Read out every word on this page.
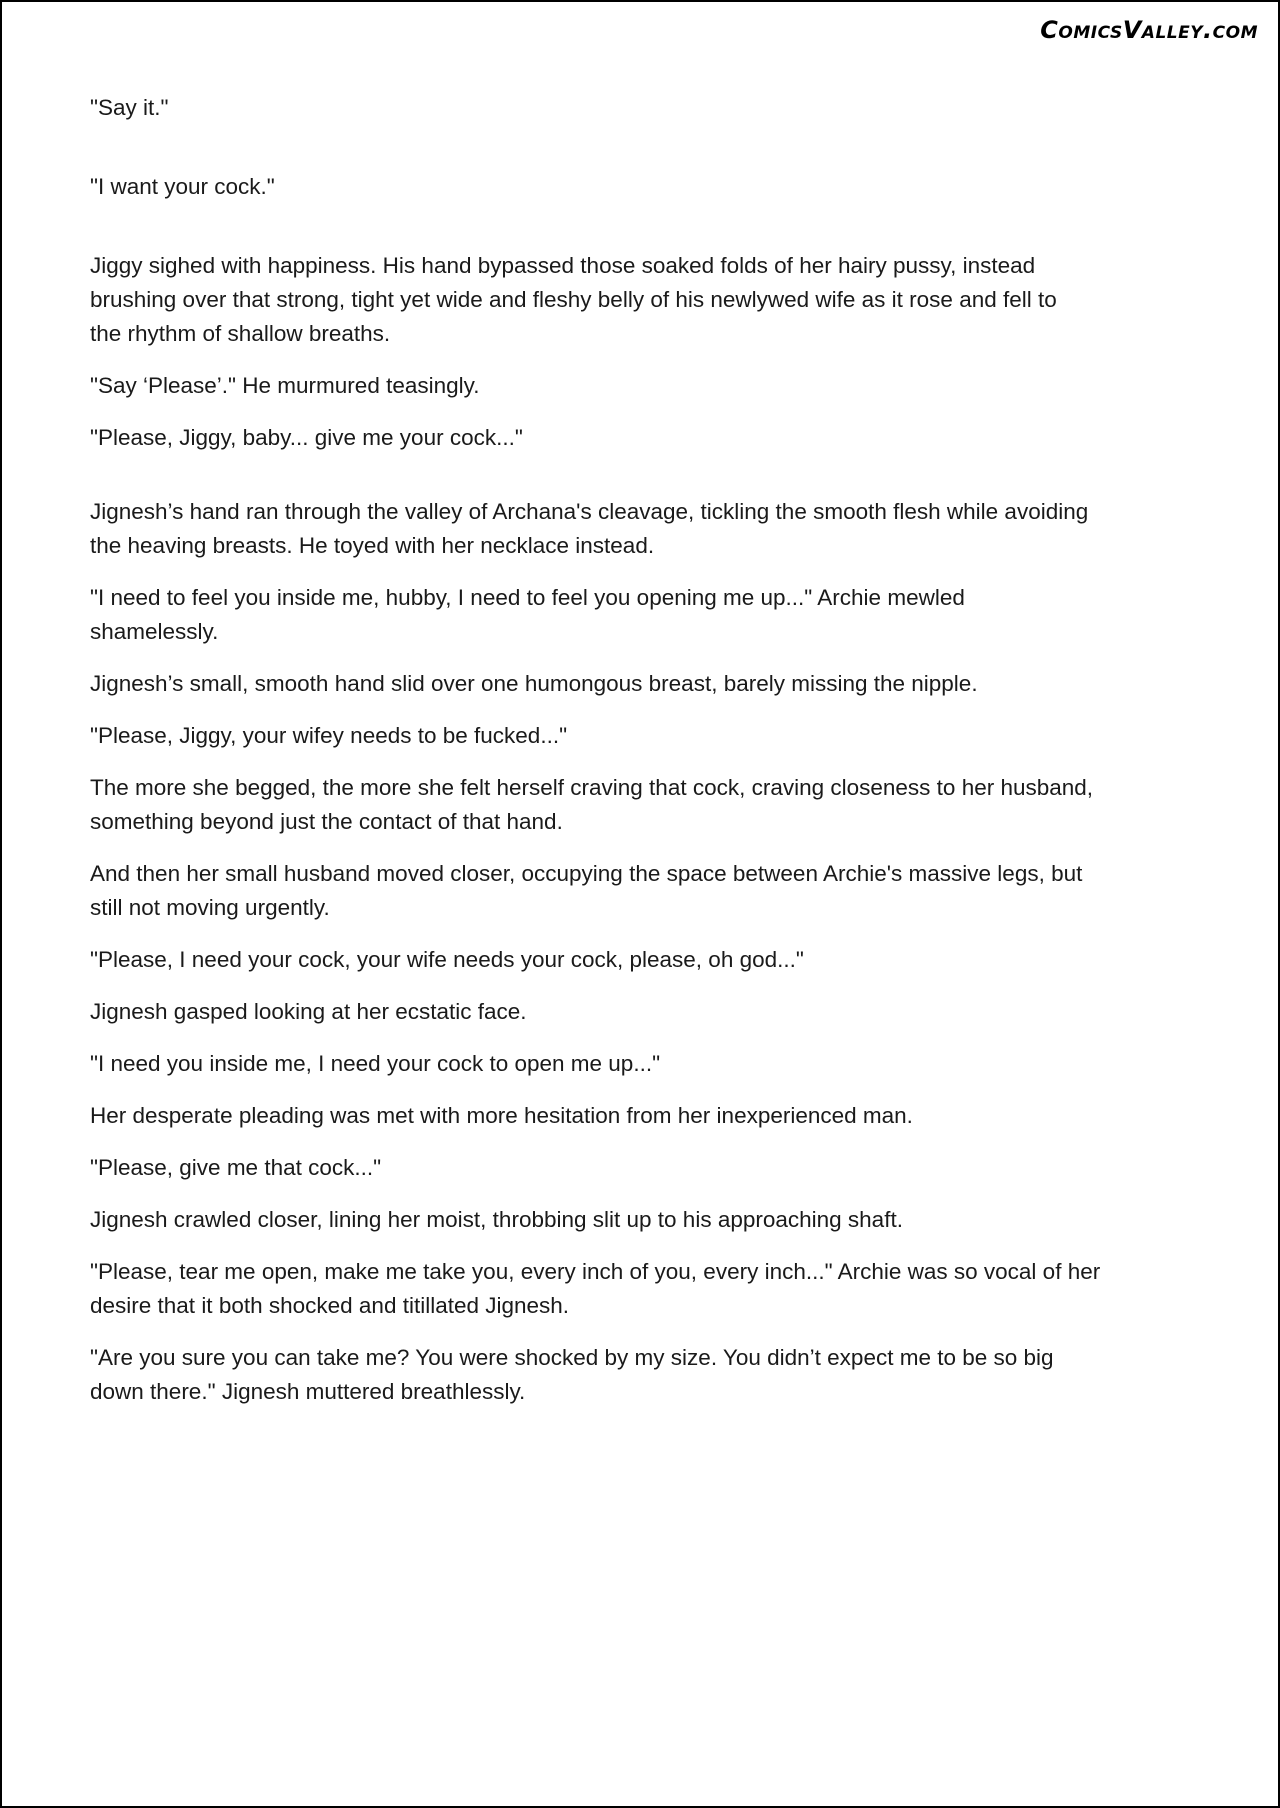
ComicsValley.com
"Say it."
"I want your cock."
Jiggy sighed with happiness. His hand bypassed those soaked folds of her hairy pussy, instead
brushing over that strong, tight yet wide and fleshy belly of his newlywed wife as it rose and fell to
the rhythm of shallow breaths.
"Say ‘Please’." He murmured teasingly.
"Please, Jiggy, baby... give me your cock..."
Jignesh’s hand ran through the valley of Archana's cleavage, tickling the smooth flesh while avoiding
the heaving breasts. He toyed with her necklace instead.
"I need to feel you inside me, hubby, I need to feel you opening me up..." Archie mewled
shamelessly.
Jignesh’s small, smooth hand slid over one humongous breast, barely missing the nipple.
"Please, Jiggy, your wifey needs to be fucked..."
The more she begged, the more she felt herself craving that cock, craving closeness to her husband,
something beyond just the contact of that hand.
And then her small husband moved closer, occupying the space between Archie's massive legs, but
still not moving urgently.
"Please, I need your cock, your wife needs your cock, please, oh god..."
Jignesh gasped looking at her ecstatic face.
"I need you inside me, I need your cock to open me up..."
Her desperate pleading was met with more hesitation from her inexperienced man.
"Please, give me that cock..."
Jignesh crawled closer, lining her moist, throbbing slit up to his approaching shaft.
"Please, tear me open, make me take you, every inch of you, every inch..." Archie was so vocal of her
desire that it both shocked and titillated Jignesh.
"Are you sure you can take me? You were shocked by my size. You didn’t expect me to be so big
down there." Jignesh muttered breathlessly.
